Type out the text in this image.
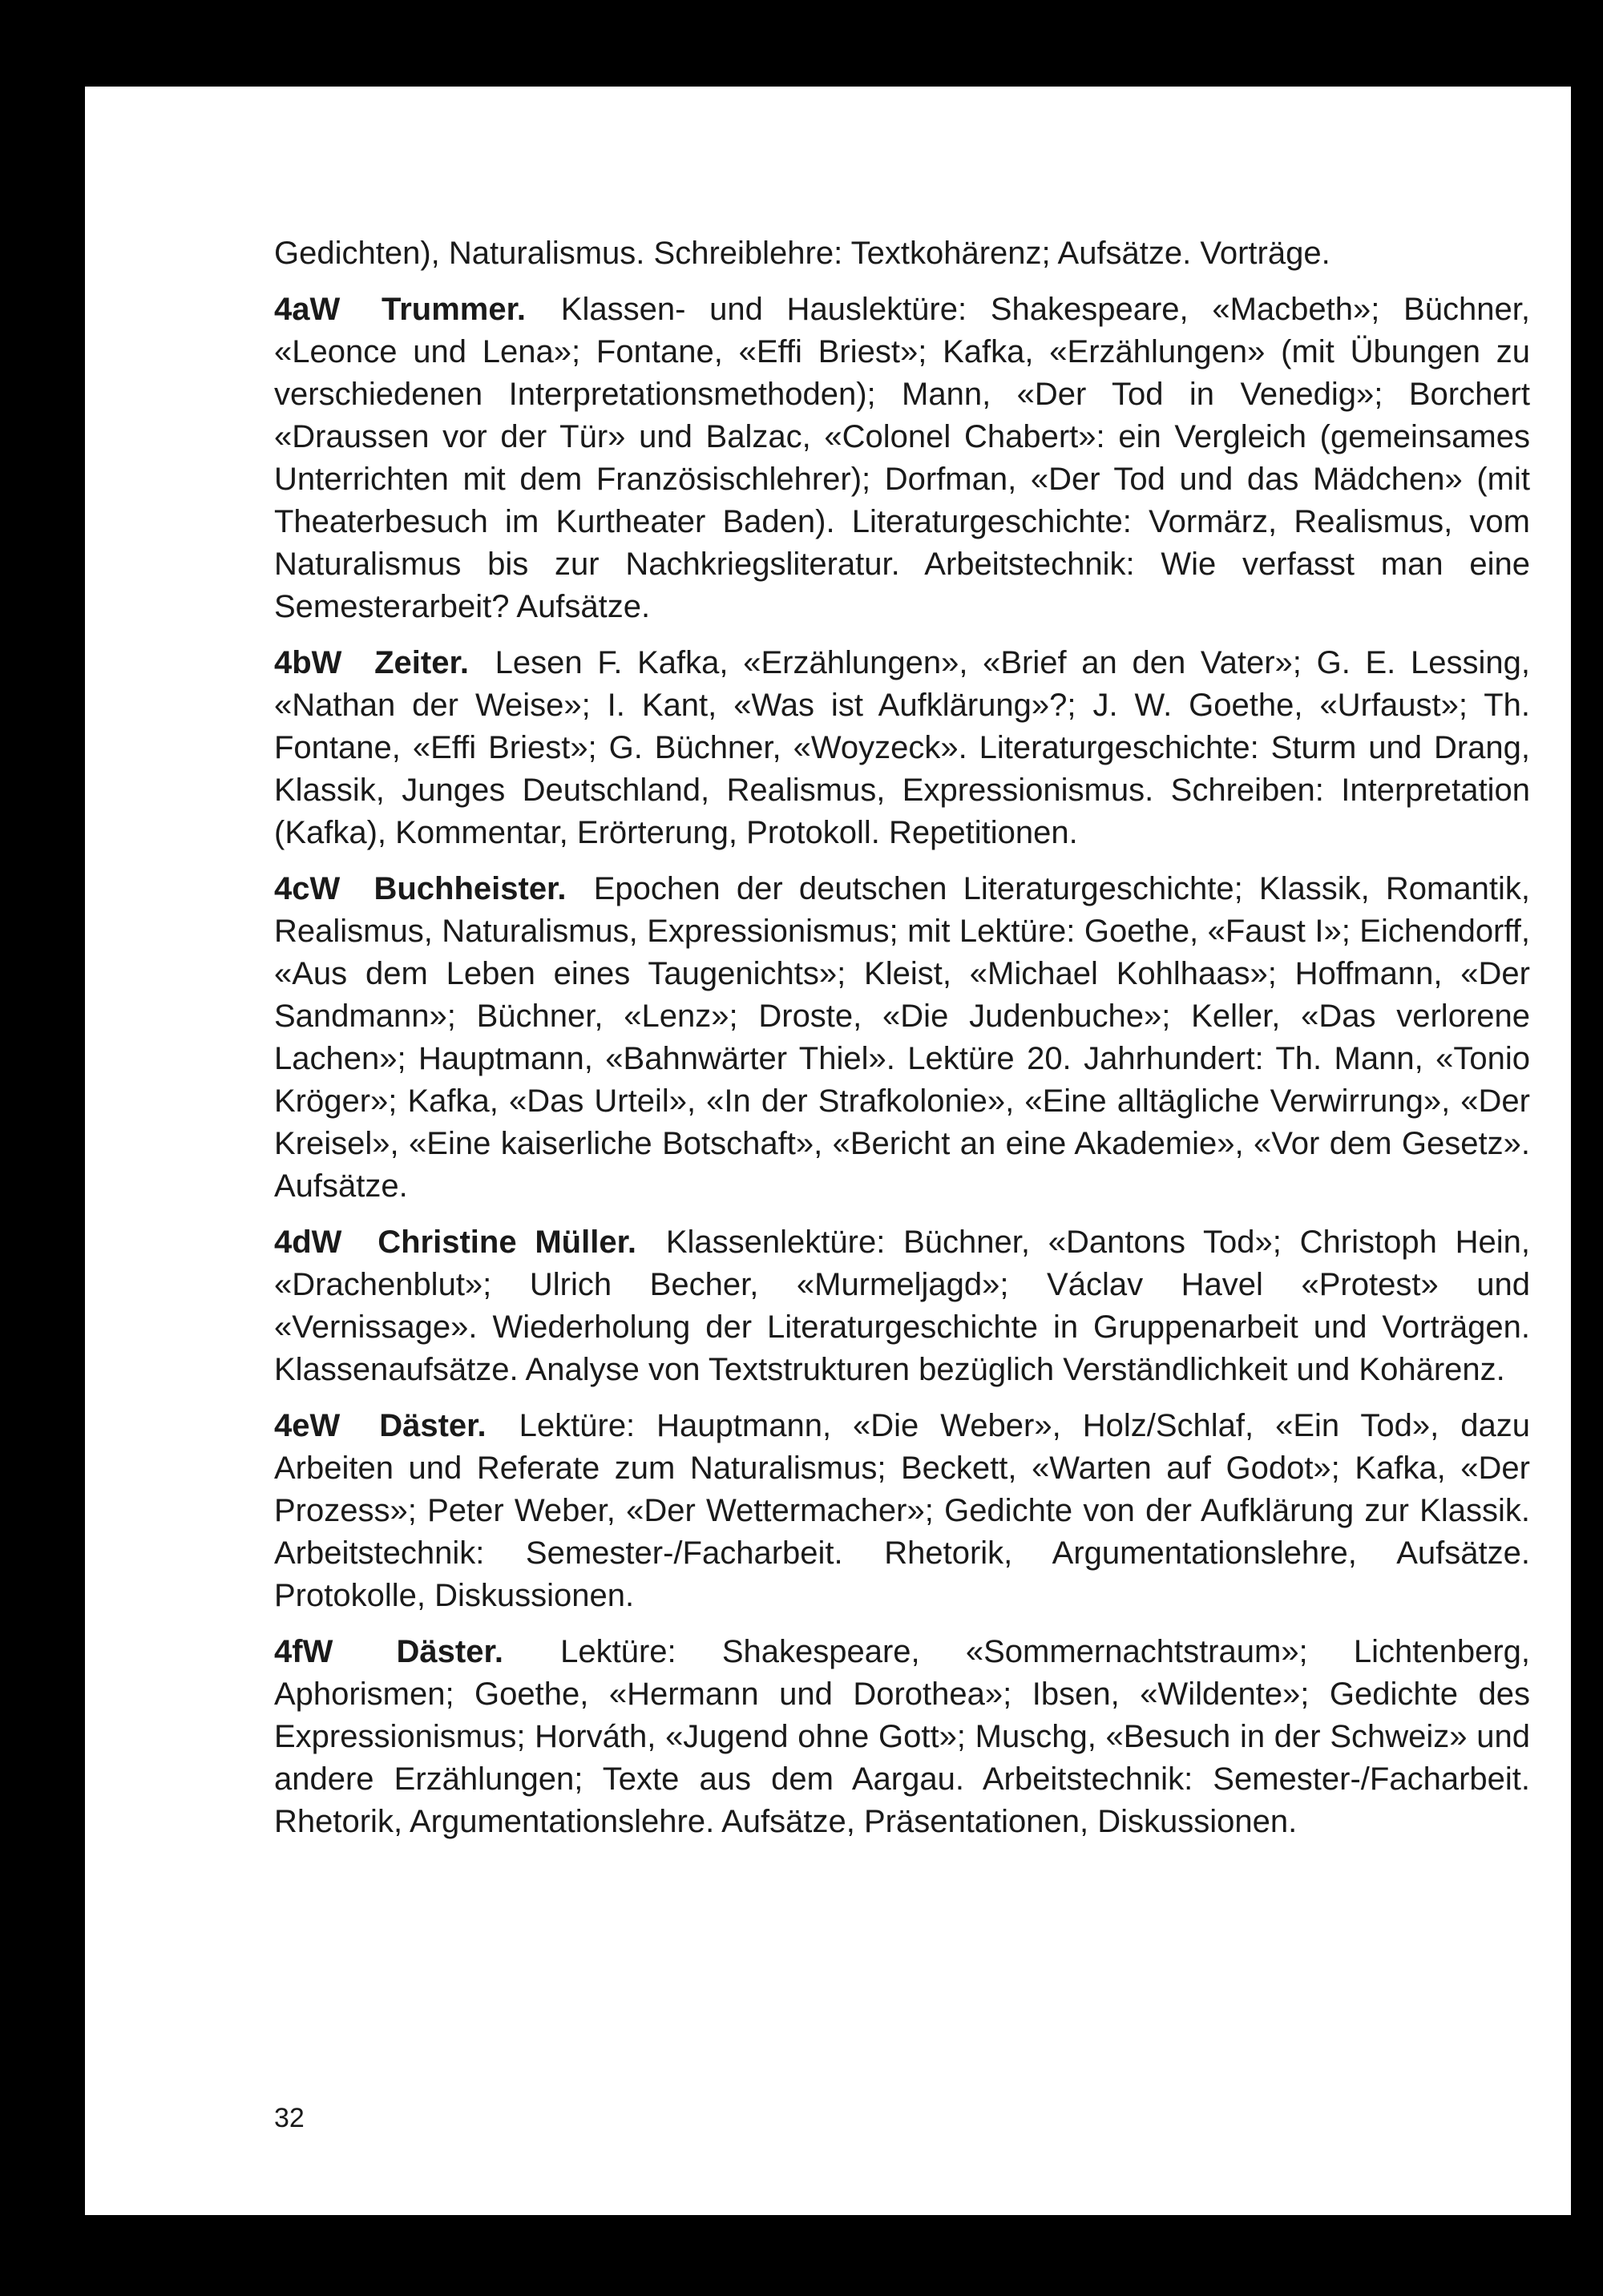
Gedichten), Naturalismus. Schreiblehre: Textkohärenz; Aufsätze. Vorträge.

4aW Trummer. Klassen- und Hauslektüre: Shakespeare, «Macbeth»; Büchner, «Leonce und Lena»; Fontane, «Effi Briest»; Kafka, «Erzählungen» (mit Übungen zu verschiedenen Interpretationsmethoden); Mann, «Der Tod in Venedig»; Borchert «Draussen vor der Tür» und Balzac, «Colonel Chabert»: ein Vergleich (gemeinsames Unterrichten mit dem Französischlehrer); Dorfman, «Der Tod und das Mädchen» (mit Theaterbesuch im Kurtheater Baden). Literaturgeschichte: Vormärz, Realismus, vom Naturalismus bis zur Nachkriegsliteratur. Arbeitstechnik: Wie verfasst man eine Semesterarbeit? Aufsätze.

4bW Zeiter. Lesen F. Kafka, «Erzählungen», «Brief an den Vater»; G. E. Lessing, «Nathan der Weise»; I. Kant, «Was ist Aufklärung»?; J. W. Goethe, «Urfaust»; Th. Fontane, «Effi Briest»; G. Büchner, «Woyzeck». Literaturgeschichte: Sturm und Drang, Klassik, Junges Deutschland, Realismus, Expressionismus. Schreiben: Interpretation (Kafka), Kommentar, Erörterung, Protokoll. Repetitionen.

4cW Buchheister. Epochen der deutschen Literaturgeschichte; Klassik, Romantik, Realismus, Naturalismus, Expressionismus; mit Lektüre: Goethe, «Faust I»; Eichendorff, «Aus dem Leben eines Taugenichts»; Kleist, «Michael Kohlhaas»; Hoffmann, «Der Sandmann»; Büchner, «Lenz»; Droste, «Die Judenbuche»; Keller, «Das verlorene Lachen»; Hauptmann, «Bahnwärter Thiel». Lektüre 20. Jahrhundert: Th. Mann, «Tonio Kröger»; Kafka, «Das Urteil», «In der Strafkolonie», «Eine alltägliche Verwirrung», «Der Kreisel», «Eine kaiserliche Botschaft», «Bericht an eine Akademie», «Vor dem Gesetz». Aufsätze.

4dW Christine Müller. Klassenlektüre: Büchner, «Dantons Tod»; Christoph Hein, «Drachenblut»; Ulrich Becher, «Murmeljagd»; Václav Havel «Protest» und «Vernissage». Wiederholung der Literaturgeschichte in Gruppenarbeit und Vorträgen. Klassenaufsätze. Analyse von Textstrukturen bezüglich Verständlichkeit und Kohärenz.

4eW Däster. Lektüre: Hauptmann, «Die Weber», Holz/Schlaf, «Ein Tod», dazu Arbeiten und Referate zum Naturalismus; Beckett, «Warten auf Godot»; Kafka, «Der Prozess»; Peter Weber, «Der Wettermacher»; Gedichte von der Aufklärung zur Klassik. Arbeitstechnik: Semester-/Facharbeit. Rhetorik, Argumentationslehre, Aufsätze. Protokolle, Diskussionen.

4fW Däster. Lektüre: Shakespeare, «Sommernachtstraum»; Lichtenberg, Aphorismen; Goethe, «Hermann und Dorothea»; Ibsen, «Wildente»; Gedichte des Expressionismus; Horváth, «Jugend ohne Gott»; Muschg, «Besuch in der Schweiz» und andere Erzählungen; Texte aus dem Aargau. Arbeitstechnik: Semester-/Facharbeit. Rhetorik, Argumentationslehre. Aufsätze, Präsentationen, Diskussionen.

32
